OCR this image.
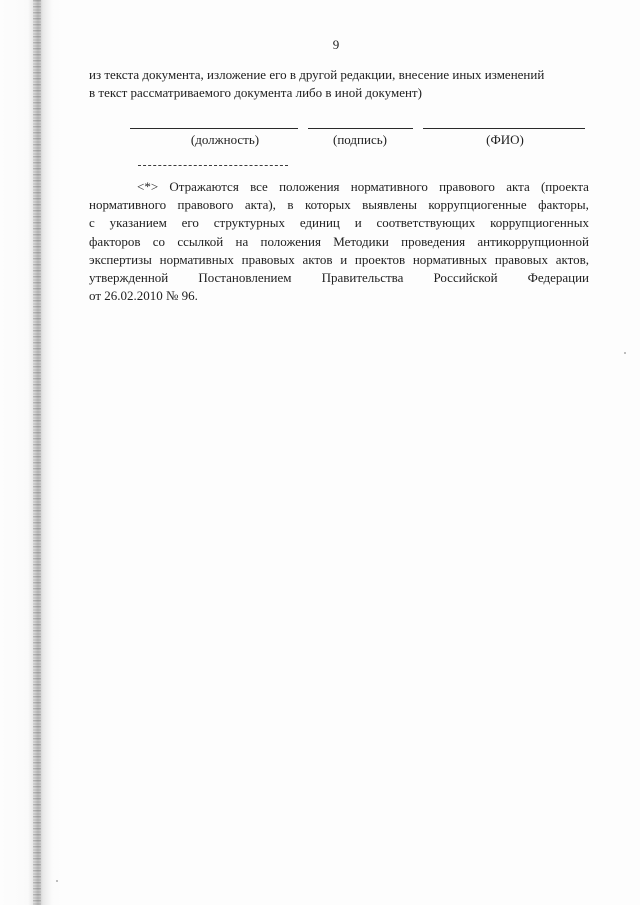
9
из текста документа, изложение его в другой редакции, внесение иных изменений
в текст рассматриваемого документа либо в иной документ)
(должность)	(подпись)	(ФИО)
<*> Отражаются все положения нормативного правового акта (проекта
нормативного правового акта), в которых выявлены коррупциогенные факторы,
с указанием его структурных единиц и соответствующих коррупциогенных
факторов со ссылкой на положения Методики проведения антикоррупционной
экспертизы нормативных правовых актов и проектов нормативных правовых актов,
утвержденной Постановлением Правительства Российской Федерации
от 26.02.2010 № 96.
